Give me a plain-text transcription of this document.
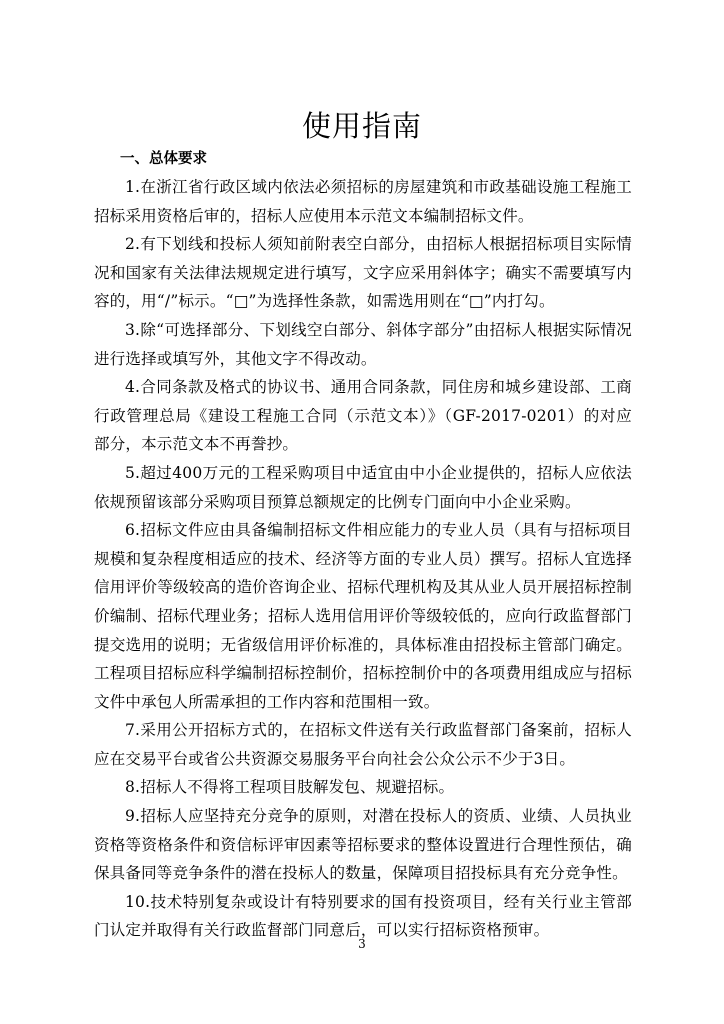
使用指南
一、总体要求

1.在浙江省行政区域内依法必须招标的房屋建筑和市政基础设施工程施工招标采用资格后审的，招标人应使用本示范文本编制招标文件。

2.有下划线和投标人须知前附表空白部分，由招标人根据招标项目实际情况和国家有关法律法规规定进行填写，文字应采用斜体字；确实不需要填写内容的，用“/”标示。“□”为选择性条款，如需选用则在“□”内打勾。

3.除“可选择部分、下划线空白部分、斜体字部分”由招标人根据实际情况进行选择或填写外，其他文字不得改动。

4.合同条款及格式的协议书、通用合同条款，同住房和城乡建设部、工商行政管理总局《建设工程施工合同（示范文本）》（GF-2017-0201）的对应部分，本示范文本不再誊抄。

5.超过400万元的工程采购项目中适宜由中小企业提供的，招标人应依法依规预留该部分采购项目预算总额规定的比例专门面向中小企业采购。

6.招标文件应由具备编制招标文件相应能力的专业人员（具有与招标项目规模和复杂程度相适应的技术、经济等方面的专业人员）撰写。招标人宜选择信用评价等级较高的造价咨询企业、招标代理机构及其从业人员开展招标控制价编制、招标代理业务；招标人选用信用评价等级较低的，应向行政监督部门提交选用的说明；无省级信用评价标准的，具体标准由招投标主管部门确定。工程项目招标应科学编制招标控制价，招标控制价中的各项费用组成应与招标文件中承包人所需承担的工作内容和范围相一致。

7.采用公开招标方式的，在招标文件送有关行政监督部门备案前，招标人应在交易平台或省公共资源交易服务平台向社会公众公示不少于3日。

8.招标人不得将工程项目肢解发包、规避招标。

9.招标人应坚持充分竞争的原则，对潜在投标人的资质、业绩、人员执业资格等资格条件和资信标评审因素等招标要求的整体设置进行合理性预估，确保具备同等竞争条件的潜在投标人的数量，保障项目招投标具有充分竞争性。

10.技术特别复杂或设计有特别要求的国有投资项目，经有关行业主管部门认定并取得有关行政监督部门同意后，可以实行招标资格预审。

3
